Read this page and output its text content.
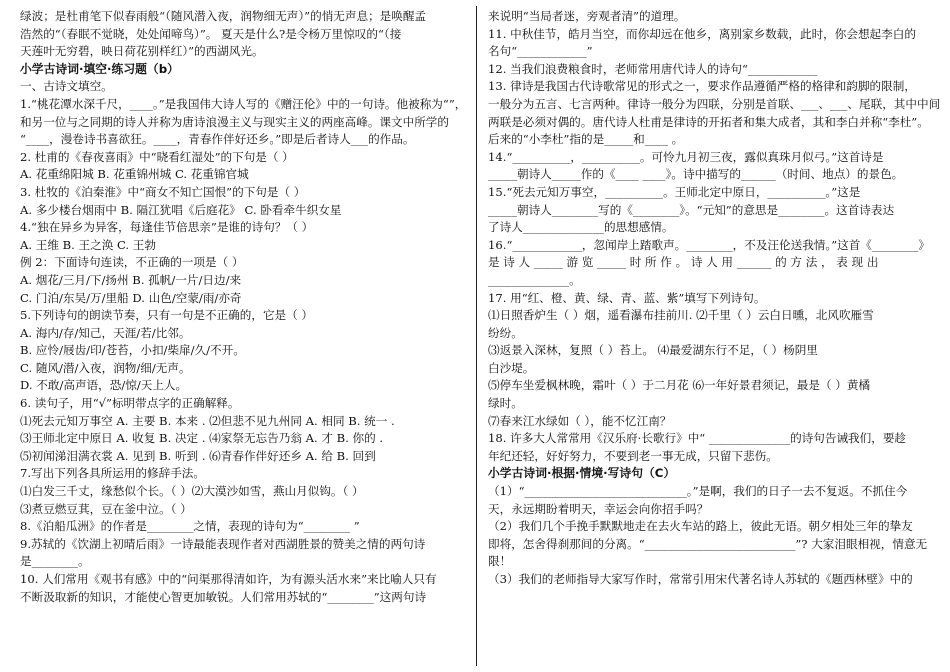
绿波；是杜甫笔下似春雨般“（随风潜入夜，润物细无声）”的悄无声息；是唤醒孟
浩然的“（春眠不觉晓，处处闻啼鸟）”。 夏天是什么?是令杨万里惊叹的“（接
天莲叶无穷碧，映日荷花别样红）”的西湖风光。
小学古诗词·填空·练习题（b）
一、古诗文填空。
1.“桃花潭水深千尺，____。”是我国伟大诗人写的《赠汪伦》中的一句诗。他被称为“”，
和另一位与之同期的诗人并称为唐诗浪漫主义与现实主义的两座高峰。课文中所学的
“____，漫卷诗书喜欲狂。____，青春作伴好还乡。”即是后者诗人___的作品。
2. 杜甫的《春夜喜雨》中“晓看红湿处”的下句是（ ）
A. 花重绵阳城 B. 花重锦州城 C. 花重锦官城
3. 杜牧的《泊秦淮》中“商女不知亡国恨”的下句是（ ）
A. 多少楼台烟雨中 B. 隔江犹唱《后庭花》 C. 卧看牵牛织女星
4.“独在异乡为异客，每逢佳节倍思亲”是谁的诗句？（ ）
A. 王维 B. 王之涣 C. 王勃
例 2：下面诗句连读，不正确的一项是（ ）
A. 烟花/三月/下/扬州 B. 孤帆/一片/日边/来
C. 门泊/东吴/万/里船 D. 山色/空蒙/雨/亦奇
5.下列诗句的朗读节奏，只有一句是不正确的，它是（ ）
A. 海内/存/知己，天涯/若/比邻。
B. 应怜/屐齿/印/苍苔，小扣/柴扉/久/不开。
C. 随风/潜/入夜，润物/细/无声。
D. 不敢/高声语，恐/惊/天上人。
6. 读句子，用“√”标明带点字的正确解释。
⑴死去元知万事空 A. 主要 B. 本来 . ⑵但悲不见九州同 A. 相同 B. 统一 .
⑶王师北定中原日 A. 收复 B. 决定 . ⑷家祭无忘告乃翁 A. 才 B. 你的 .
⑸初闻涕泪满衣裳 A. 见到 B. 听到 . ⑹青春作伴好还乡 A. 给 B. 回到
7.写出下列各具所运用的修辞手法。
⑴白发三千丈，缘愁似个长。（ ）⑵大漠沙如雪，燕山月似钩。（ ）
⑶煮豆燃豆萁，豆在釜中泣。（ ）
8.《泊船瓜洲》的作者是________之情，表现的诗句为“________ ”
9.苏轼的《饮湖上初晴后雨》一诗最能表现作者对西湖胜景的赞美之情的两句诗
是________。
10. 人们常用《观书有感》中的“问渠那得清如许，为有源头活水来”来比喻人只有
不断汲取新的知识，才能使心智更加敏锐。人们常用苏轼的“________”这两句诗
来说明“当局者迷，旁观者清”的道理。
11. 中秋佳节，皓月当空，而你却远在他乡，离别家乡数载，此时，你会想起李白的
名句“____________”
12. 当我们浪费粮食时，老师常用唐代诗人的诗句“____________
13. 律诗是我国古代诗歌常见的形式之一，要求作品遵循严格的格律和韵脚的限制，
一般分为五言、七言两种。律诗一般分为四联，分别是首联、___、___、尾联，其中中间
两联是必须对偶的。唐代诗人杜甫是律诗的开拓者和集大成者，其和李白并称“李杜”。
后来的“小李杜”指的是_____和____ 。
14.“__________，__________。可怜九月初三夜，露似真珠月似弓。”这首诗是
_____朝诗人_____作的《____ ____》。诗中描写的______（时间、地点）的景色。
15.“死去元知万事空，__________。王师北定中原日，__________。”这是
_____朝诗人________写的《________》。“元知”的意思是________。这首诗表达
了诗人______________的思想感情。
16.“____________，忽闻岸上踏歌声。________，不及汪伦送我情。”这首《________》
是 诗 人 _____ 游 览 _____ 时 所 作 。 诗 人 用 ______ 的 方 法 ， 表 现 出
______________。
17. 用“红、橙、黄、绿、青、蓝、紫”填写下列诗句。
⑴日照香炉生（ ）烟，遥看瀑布挂前川. ⑵千里（ ）云白日曛，北风吹雁雪
纷纷。
⑶返景入深林，复照（ ）苔上。 ⑷最爱湖东行不足，（ ）杨阴里
白沙堤。
⑸停车坐爱枫林晚，霜叶（ ）于二月花 ⑹一年好景君须记，最是（ ）黄橘
绿时。
⑺春来江水绿如（ ），能不忆江南？
18. 许多大人常常用《汉乐府·长歌行》中“ ______________的诗句告诫我们，要趁
年纪还轻，好好努力，不要到老一事无成，只留下悲伤。
小学古诗词·根据·情境·写诗句（C）
（1）“____________________________。”是啊，我们的日子一去不复返。不抓住今
天，永远期盼着明天，幸运会向你招手吗？
（2）我们几个手挽手默默地走在去火车站的路上，彼此无语。朝夕相处三年的挚友
即将，怎舍得刹那间的分离。“__________________________”? 大家泪眼相视，情意无
限！
（3）我们的老师指导大家写作时，常常引用宋代著名诗人苏轼的《题西林壁》中的
